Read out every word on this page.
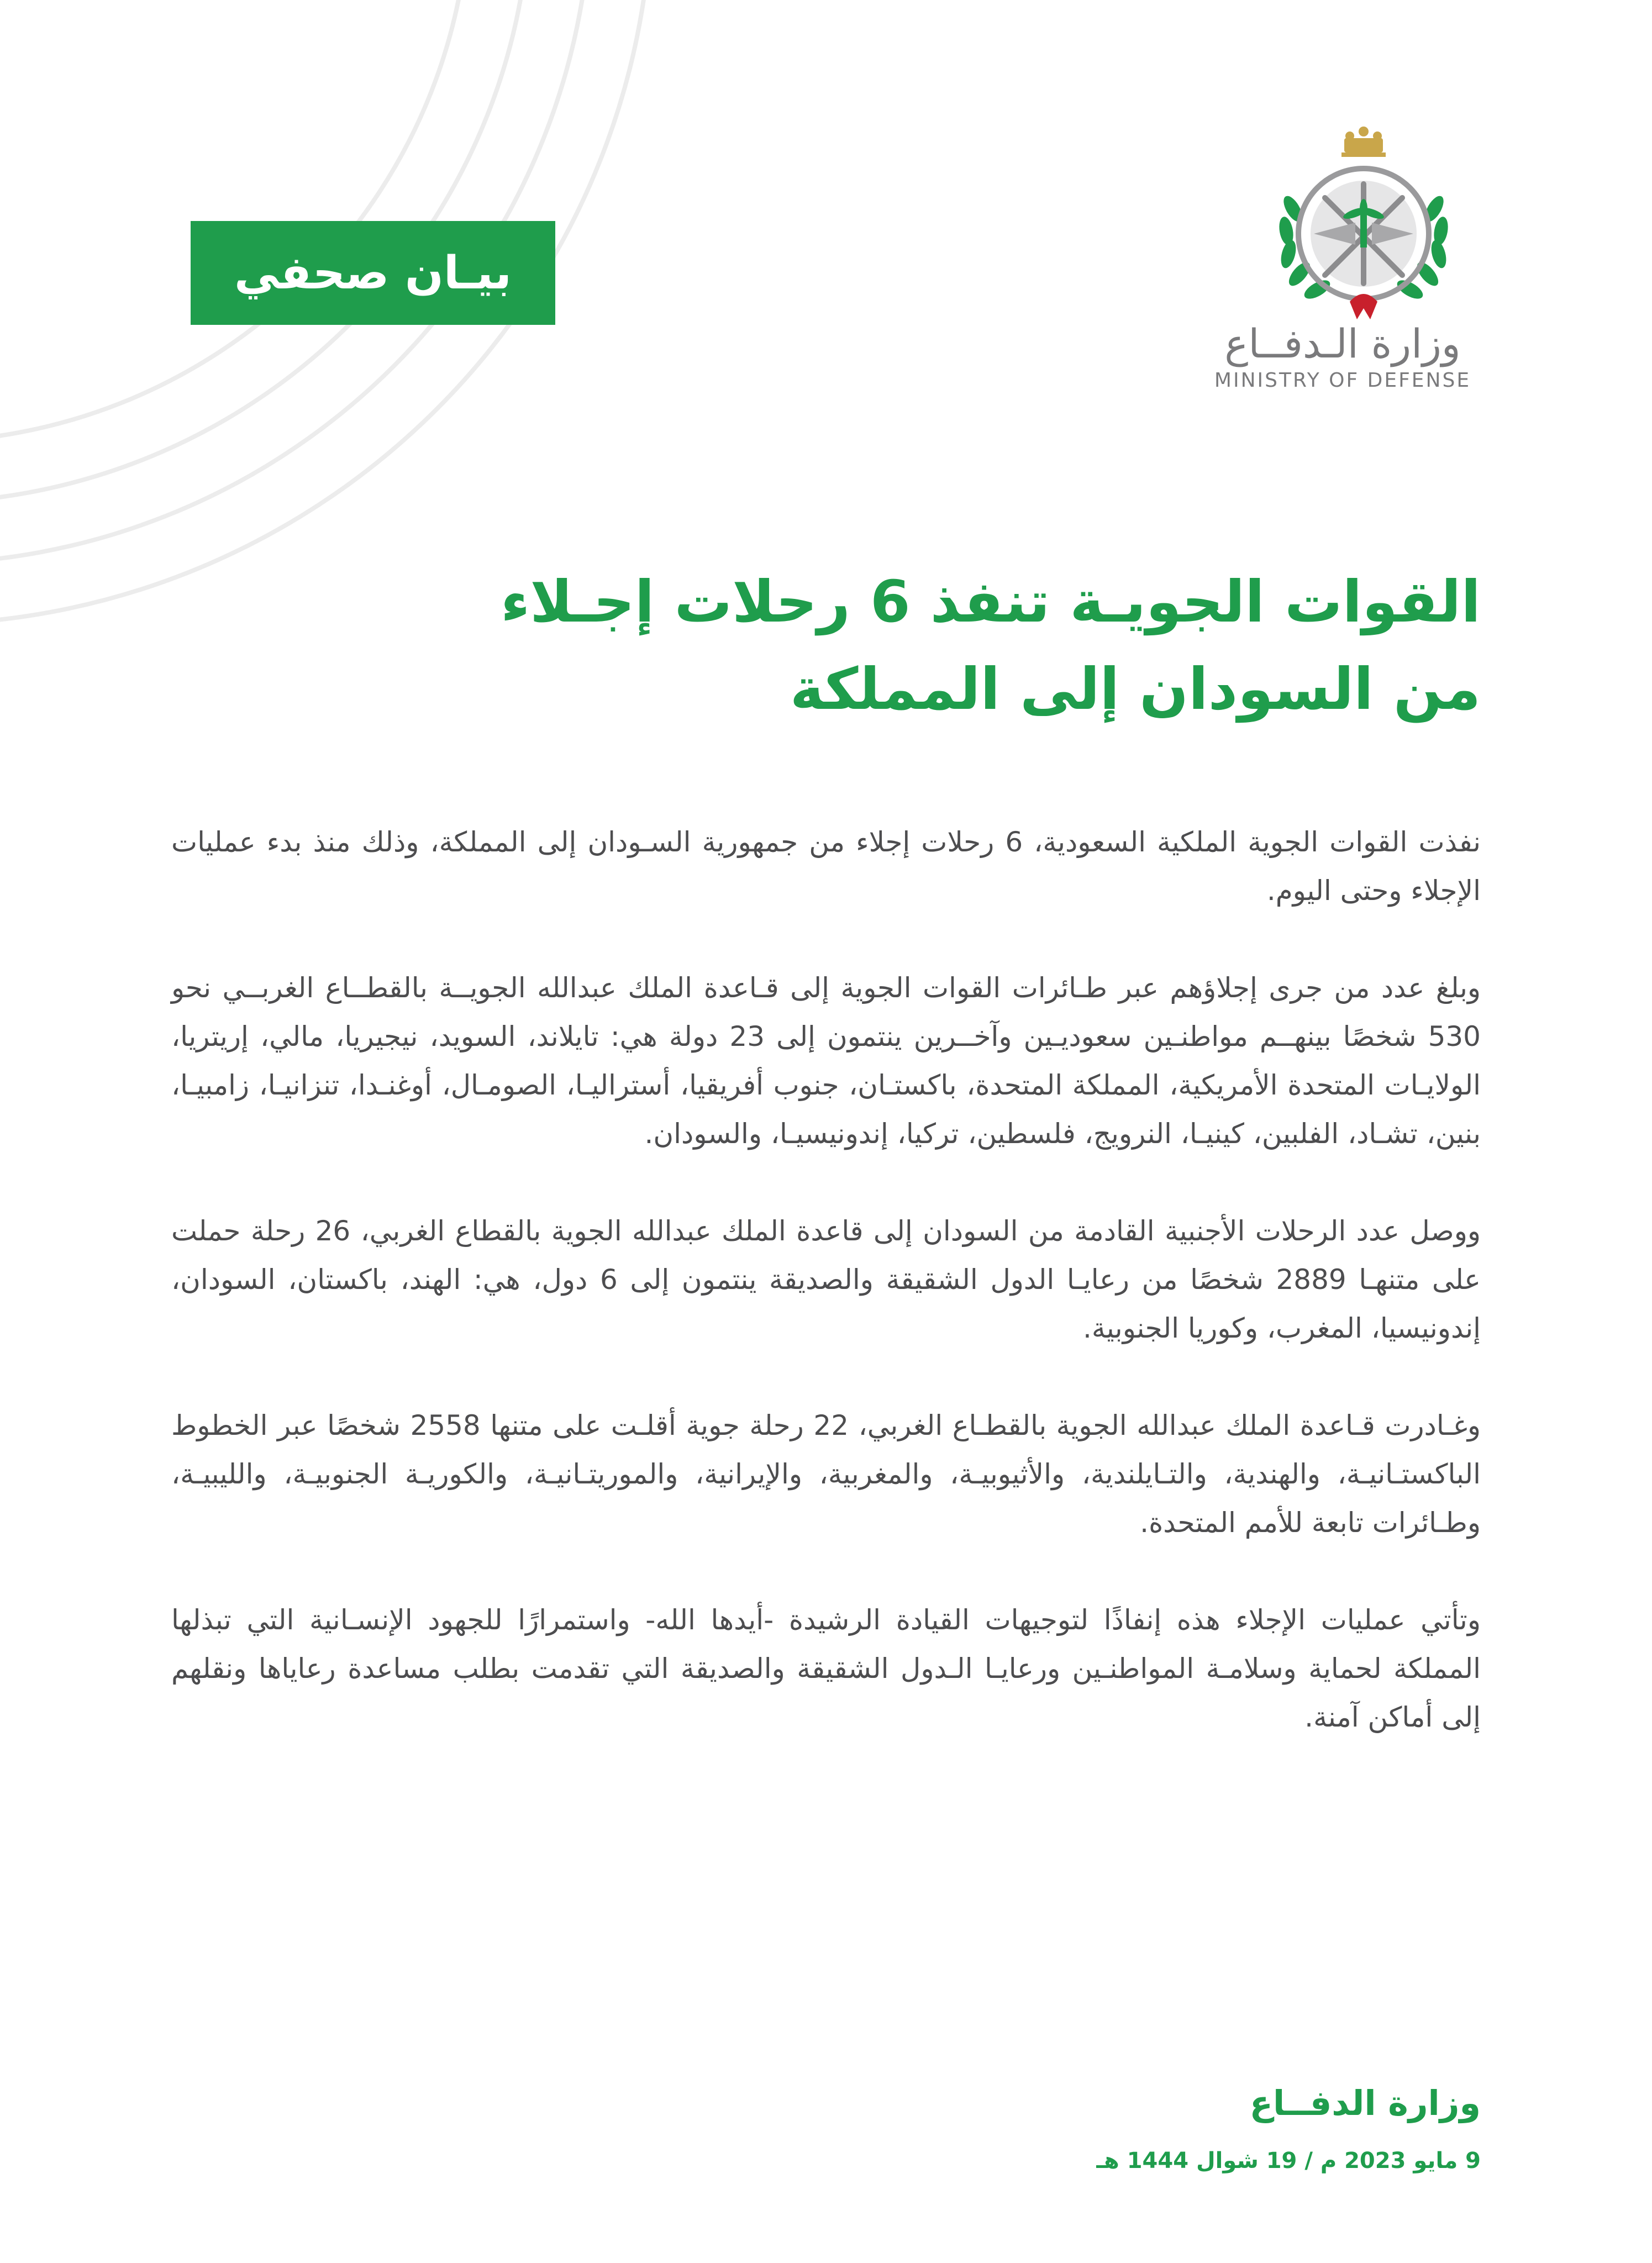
بيـان صحفي
وزارة الـدفــاع
MINISTRY OF DEFENSE
القوات الجويـة تنفذ 6 رحلات إجـلاء
من السودان إلى المملكة

نفذت القوات الجوية الملكية السعودية، 6 رحلات إجلاء من جمهورية السـودان إلى المملكة، وذلك منذ بدء عمليات الإجلاء وحتى اليوم.

وبلغ عدد من جرى إجلاؤهم عبر طـائرات القوات الجوية إلى قـاعدة الملك عبدالله الجويــة بالقطــاع الغربــي نحو 530 شخصًا بينهــم مواطنـين سعوديـين وآخــرين ينتمون إلى 23 دولة هي: تايلاند، السويد، نيجيريا، مالي، إريتريا، الولايـات المتحدة الأمريكية، المملكة المتحدة، باكستـان، جنوب أفريقيا، أستراليـا، الصومـال، أوغنـدا، تنزانيـا، زامبيـا، بنين، تشـاد، الفلبين، كينيـا، النرويج، فلسطين، تركيا، إندونيسيـا، والسودان.

ووصل عدد الرحلات الأجنبية القادمة من السودان إلى قاعدة الملك عبدالله الجوية بالقطاع الغربي، 26 رحلة حملت على متنهـا 2889 شخصًا من رعايـا الدول الشقيقة والصديقة ينتمون إلى 6 دول، هي: الهند، باكستان، السودان، إندونيسيا، المغرب، وكوريا الجنوبية.

وغـادرت قـاعدة الملك عبدالله الجوية بالقطـاع الغربي، 22 رحلة جوية أقلـت على متنها 2558 شخصًا عبر الخطوط الباكستـانيـة، والهندية، والتـايلندية، والأثيوبيـة، والمغربية، والإيرانية، والموريتـانيـة، والكوريـة الجنوبيـة، والليبيـة، وطـائرات تابعة للأمم المتحدة.

وتأتي عمليات الإجلاء هذه إنفاذًا لتوجيهات القيادة الرشيدة -أيدها الله- واستمرارًا للجهود الإنسـانية التي تبذلها المملكة لحماية وسلامـة المواطنـين ورعايـا الـدول الشقيقة والصديقة التي تقدمت بطلب مساعدة رعاياها ونقلهم إلى أماكن آمنة.

وزارة الدفــاع
9 مايو 2023 م / 19 شوال 1444 هـ
